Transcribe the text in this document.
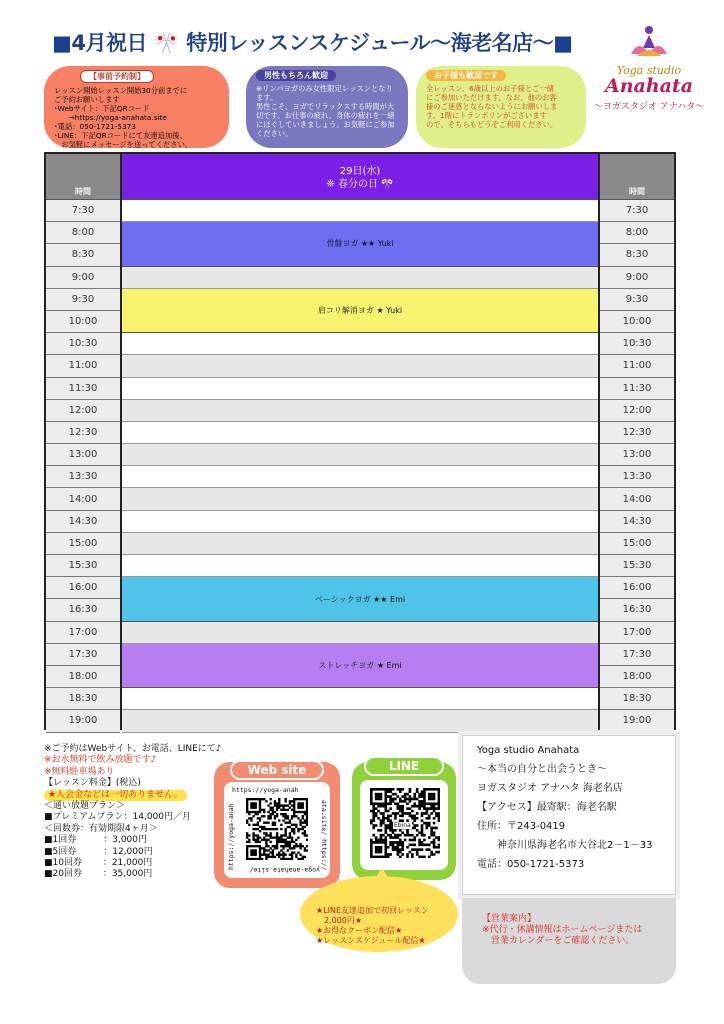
■4月祝日 🎌 特別レッスンスケジュール～海老名店～■
【事前予約制】
レッスン開始レッスン開始30分前までに
ご予約お願いします
･Webサイト：下記QRコード
　　→https://yoga-anahata.site
･電話：050-1721-5373
･LINE：下記QRコードにて友達追加後、
　お気軽にメッセージを送ってください。
男性もちろん歓迎
※リンパヨガのみ女性限定レッスンとなり
ます。
男性こそ、ヨガでリラックスする時間が大
切です。お仕事の疲れ、身体の疲れを一緒
にほぐしていきましょう。お気軽にご参加
ください。
お子様も歓迎です
全レッスン、6歳以上のお子様とご一緒
にご参加いただけます。なお、他のお客
様のご迷惑とならないようにお願いしま
す。1階にトランポリンがございます
ので、そちらもどうぞご利用ください。
Yoga studio
Anahata
～ヨガスタジオ アナハタ～
時間
7:30
8:00
8:30
9:00
9:30
10:00
10:30
11:00
11:30
12:00
12:30
13:00
13:30
14:00
14:30
15:00
15:30
16:00
16:30
17:00
17:30
18:00
18:30
19:00
29日(水)
❊ 春分の日 🎌
骨盤ヨガ ★★ Yuki
肩コリ解消ヨガ ★ Yuki
ベーシックヨガ ★★ Emi
ストレッチヨガ ★ Emi
時間
7:30
8:00
8:30
9:00
9:30
10:00
10:30
11:00
11:30
12:00
12:30
13:00
13:30
14:00
14:30
15:00
15:30
16:00
16:30
17:00
17:30
18:00
18:30
19:00
※ご予約はWebサイト、お電話、LINEにて♪
※お水無料で飲み放題です♪
※無料駐車場あり
【レッスン料金】(税込)
★入会金などは一切ありません。
＜通い放題プラン＞
■プレミアムプラン：14,000円／月
＜回数券：有効期限4ヶ月＞
■1回券　　　：3,000円
■5回券　　　：12,000円
■10回券　　 ：21,000円
■20回券　　 ：35,000円
Web site
https://yoga-anah
ata.site/ https://
yoga-anahata.site/
https://yoga-anah
LINE
Ebina
★LINE友達追加で初回レッスン
　2,000円★
★お得なクーポン配信★
★レッスンスケジュール配信★
Yoga studio Anahata
～本当の自分と出会うとき～
ヨガスタジオ アナハタ 海老名店
【アクセス】最寄駅：海老名駅
住所：〒243-0419
　　神奈川県海老名市大谷北2－1－33
電話：050-1721-5373
【営業案内】
※代行・休講情報はホームページまたは
　営業カレンダーをご確認ください。
